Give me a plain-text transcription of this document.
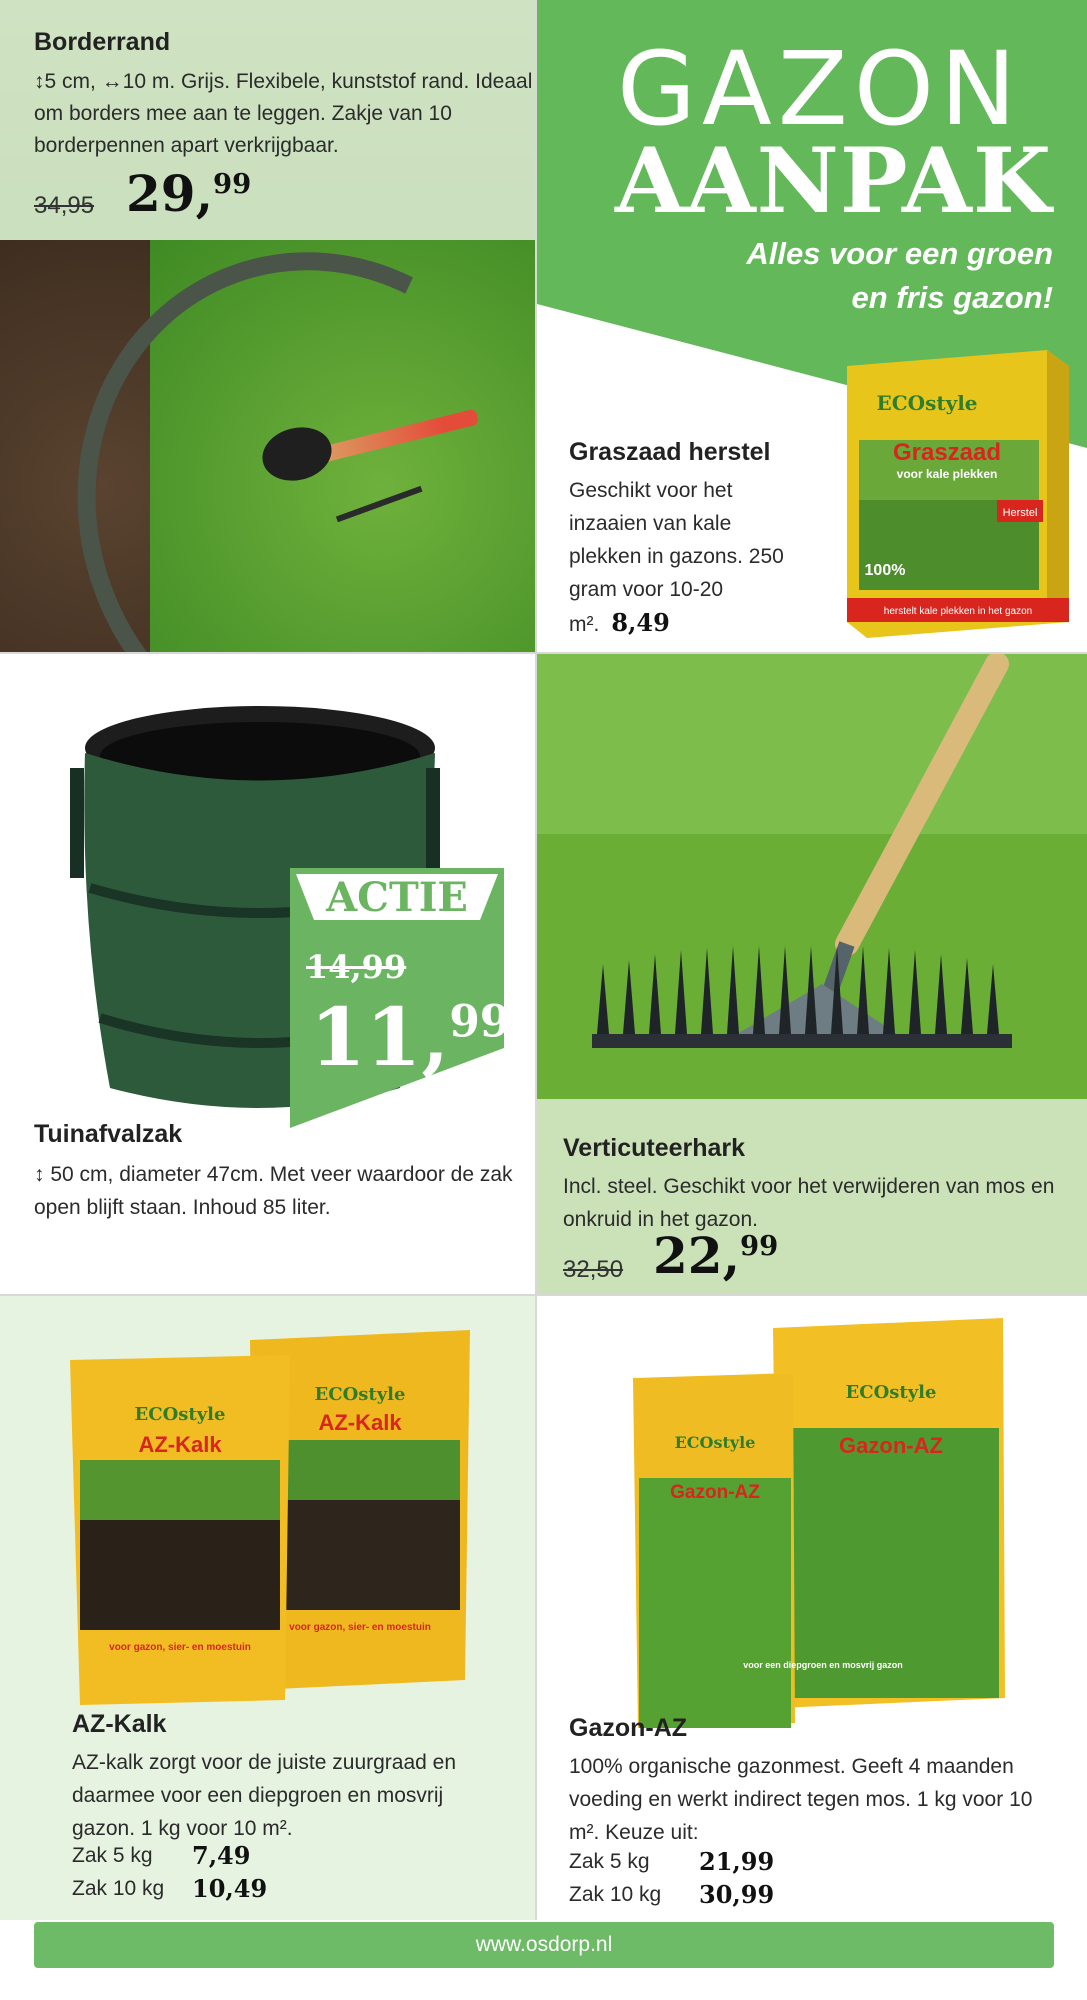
Borderrand
↕5 cm, ↔10 m. Grijs. Flexibele, kunststof rand. Ideaal om borders mee aan te leggen. Zakje van 10 borderpennen apart verkrijgbaar.
34,95 29,99
GAZON
AANPAK
Alles voor een groen
en fris gazon!
Graszaad herstel
Geschikt voor het inzaaien van kale plekken in gazons. 250 gram voor 10-20 m². 8,49
Herstel
herstelt kale plekken in het gazon
ECOstyle
Graszaad
voor kale plekken
100%
ACTIE
14,99
11,99
Tuinafvalzak
↕ 50 cm, diameter 47cm. Met veer waardoor de zak open blijft staan. Inhoud 85 liter.
Verticuteerhark
Incl. steel. Geschikt voor het verwijderen van mos en onkruid in het gazon.
32,50 22,99
ECOstyle
AZ-Kalk
voor gazon, sier- en moestuin
ECOstyle
AZ-Kalk
voor gazon, sier- en moestuin
AZ-Kalk
AZ-kalk zorgt voor de juiste zuurgraad en daarmee voor een diepgroen en mosvrij gazon. 1 kg voor 10 m².
Zak 5 kg 7,49
Zak 10 kg 10,49
ECOstyle
Gazon-AZ
ECOstyle
Gazon-AZ
voor een diepgroen en mosvrij gazon
Gazon-AZ
100% organische gazonmest. Geeft 4 maanden voeding en werkt indirect tegen mos. 1 kg voor 10 m². Keuze uit:
Zak 5 kg 21,99
Zak 10 kg 30,99
www.osdorp.nl
